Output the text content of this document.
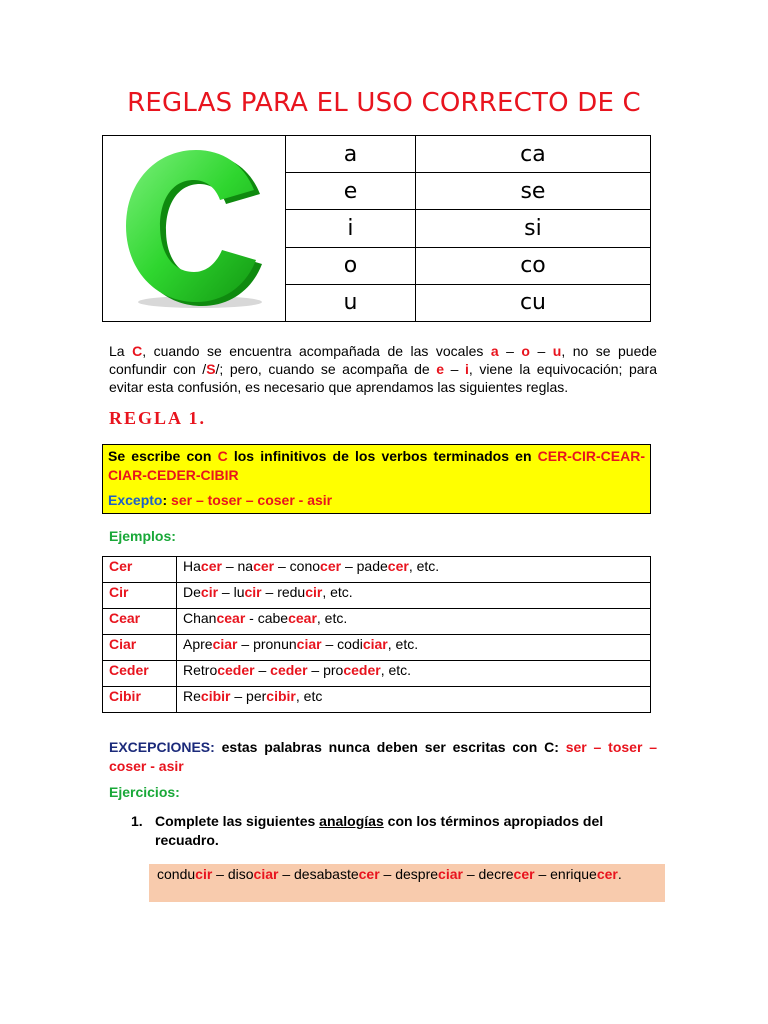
REGLAS PARA EL USO CORRECTO DE C
	a	ca
	e	se
	i	si
	o	co
	u	cu
La C, cuando se encuentra acompañada de las vocales a – o – u, no se puede confundir con /S/; pero, cuando se acompaña de e – i, viene la equivocación; para evitar esta confusión, es necesario que aprendamos las siguientes reglas.
REGLA 1.
Se escribe con C los infinitivos de los verbos terminados en CER-CIR-CEAR-CIAR-CEDER-CIBIR
Excepto: ser – toser – coser - asir
Ejemplos:
Cer	Hacer – nacer – conocer – padecer, etc.
Cir	Decir – lucir – reducir, etc.
Cear	Chancear - cabecear, etc.
Ciar	Apreciar – pronunciar – codiciar, etc.
Ceder	Retroceder – ceder – proceder, etc.
Cibir	Recibir – percibir, etc
EXCEPCIONES: estas palabras nunca deben ser escritas con C: ser – toser – coser - asir
Ejercicios:
1. Complete las siguientes analogías con los términos apropiados del recuadro.
conducir – disociar – desabastecer – despreciar – decrecer – enriquecer.
